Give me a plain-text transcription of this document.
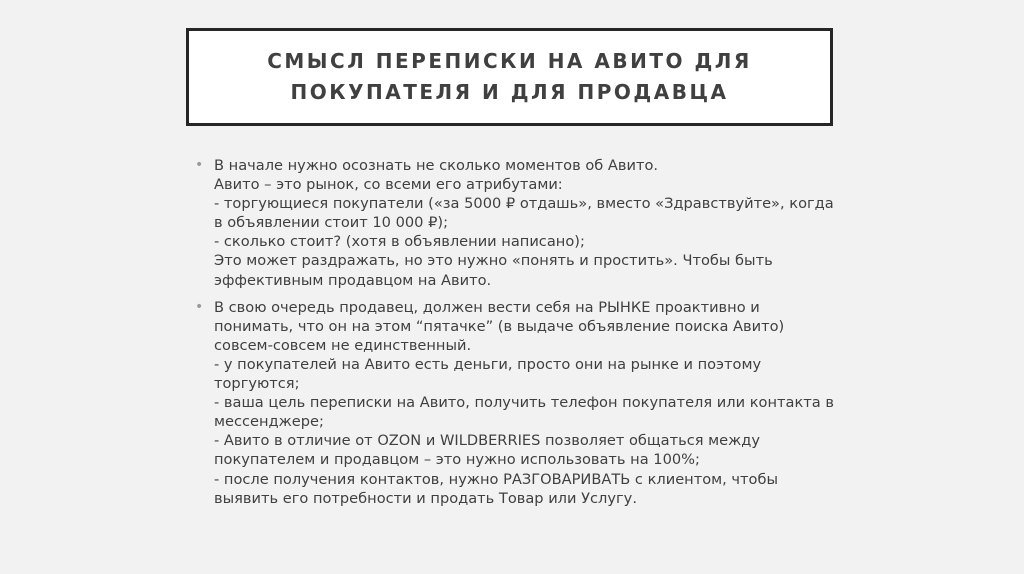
СМЫСЛ ПЕРЕПИСКИ НА АВИТО ДЛЯ
ПОКУПАТЕЛЯ И ДЛЯ ПРОДАВЦА
• В начале нужно осознать не сколько моментов об Авито.
Авито – это рынок, со всеми его атрибутами:
- торгующиеся покупатели («за 5000 ₽ отдашь», вместо «Здравствуйте», когда
в объявлении стоит 10 000 ₽);
- сколько стоит? (хотя в объявлении написано);
Это может раздражать, но это нужно «понять и простить». Чтобы быть
эффективным продавцом на Авито.
• В свою очередь продавец, должен вести себя на РЫНКЕ проактивно и
понимать, что он на этом “пятачке” (в выдаче объявление поиска Авито)
совсем-совсем не единственный.
- у покупателей на Авито есть деньги, просто они на рынке и поэтому
торгуются;
- ваша цель переписки на Авито, получить телефон покупателя или контакта в
мессенджере;
- Авито в отличие от OZON и WILDBERRIES позволяет общаться между
покупателем и продавцом – это нужно использовать на 100%;
- после получения контактов, нужно РАЗГОВАРИВАТЬ с клиентом, чтобы
выявить его потребности и продать Товар или Услугу.
